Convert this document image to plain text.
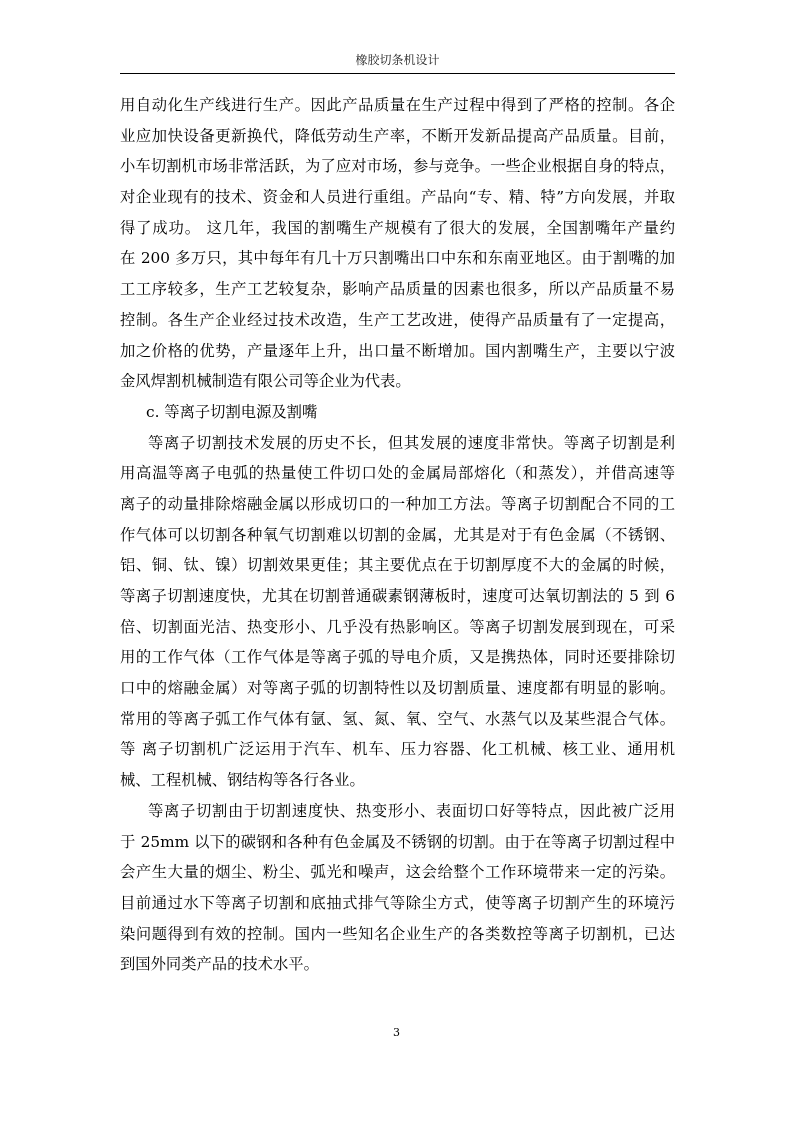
橡胶切条机设计
用自动化生产线进行生产。因此产品质量在生产过程中得到了严格的控制。各企
业应加快设备更新换代，降低劳动生产率，不断开发新品提高产品质量。目前，
小车切割机市场非常活跃，为了应对市场，参与竞争。一些企业根据自身的特点，
对企业现有的技术、资金和人员进行重组。产品向“专、精、特”方向发展，并取
得了成功。 这几年，我国的割嘴生产规模有了很大的发展，全国割嘴年产量约
在 200 多万只，其中每年有几十万只割嘴出口中东和东南亚地区。由于割嘴的加
工工序较多，生产工艺较复杂，影响产品质量的因素也很多，所以产品质量不易
控制。各生产企业经过技术改造，生产工艺改进，使得产品质量有了一定提高，
加之价格的优势，产量逐年上升，出口量不断增加。国内割嘴生产，主要以宁波
金风焊割机械制造有限公司等企业为代表。
c. 等离子切割电源及割嘴
等离子切割技术发展的历史不长，但其发展的速度非常快。等离子切割是利
用高温等离子电弧的热量使工件切口处的金属局部熔化（和蒸发），并借高速等
离子的动量排除熔融金属以形成切口的一种加工方法。等离子切割配合不同的工
作气体可以切割各种氧气切割难以切割的金属，尤其是对于有色金属（不锈钢、
铝、铜、钛、镍）切割效果更佳；其主要优点在于切割厚度不大的金属的时候，
等离子切割速度快，尤其在切割普通碳素钢薄板时，速度可达氧切割法的 5 到 6
倍、切割面光洁、热变形小、几乎没有热影响区。等离子切割发展到现在，可采
用的工作气体（工作气体是等离子弧的导电介质，又是携热体，同时还要排除切
口中的熔融金属）对等离子弧的切割特性以及切割质量、速度都有明显的影响。
常用的等离子弧工作气体有氩、氢、氮、氧、空气、水蒸气以及某些混合气体。
等 离子切割机广泛运用于汽车、机车、压力容器、化工机械、核工业、通用机
械、工程机械、钢结构等各行各业。
等离子切割由于切割速度快、热变形小、表面切口好等特点，因此被广泛用
于 25mm 以下的碳钢和各种有色金属及不锈钢的切割。由于在等离子切割过程中
会产生大量的烟尘、粉尘、弧光和噪声，这会给整个工作环境带来一定的污染。
目前通过水下等离子切割和底抽式排气等除尘方式，使等离子切割产生的环境污
染问题得到有效的控制。国内一些知名企业生产的各类数控等离子切割机，已达
到国外同类产品的技术水平。
3
